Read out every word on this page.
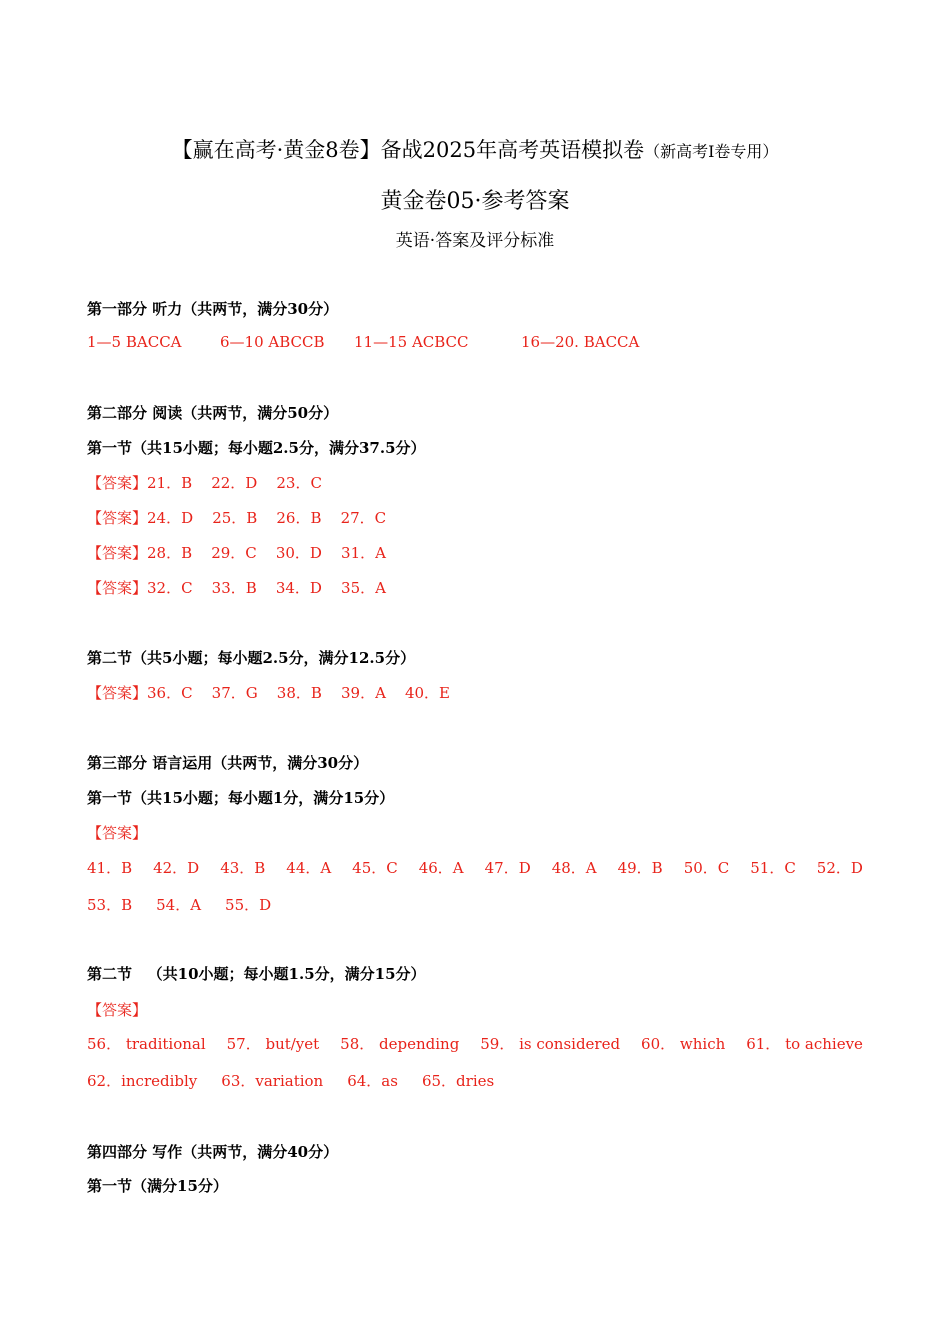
【赢在高考·黄金8卷】备战2025年高考英语模拟卷（新高考I卷专用）
黄金卷05·参考答案
英语·答案及评分标准
第一部分 听力（共两节，满分30分）
1—5 BACCA	6—10 ABCCB 11—15 ACBCC	16—20. BACCA
第二部分 阅读（共两节，满分50分）
第一节（共15小题；每小题2.5分，满分37.5分）
【答案】21．B    22．D    23．C
【答案】24．D    25．B    26．B    27．C
【答案】28．B    29．C    30．D    31．A
【答案】32．C    33．B    34．D    35．A
第二节（共5小题；每小题2.5分，满分12.5分）
【答案】36．C    37．G    38．B    39．A    40．E
第三部分 语言运用（共两节，满分30分）
第一节（共15小题；每小题1分，满分15分）
【答案】
41．B 42．D 43．B 44．A 45．C 46．A 47．D 48．A 49．B 50．C 51．C 52．D
53．B 54．A 55．D
第二节   （共10小题；每小题1.5分，满分15分）
【答案】
56． traditional 57． but/yet 58． depending 59． is considered 60． which 61． to achieve
62．incredibly 63．variation 64．as 65．dries
第四部分 写作（共两节，满分40分）
第一节（满分15分）
